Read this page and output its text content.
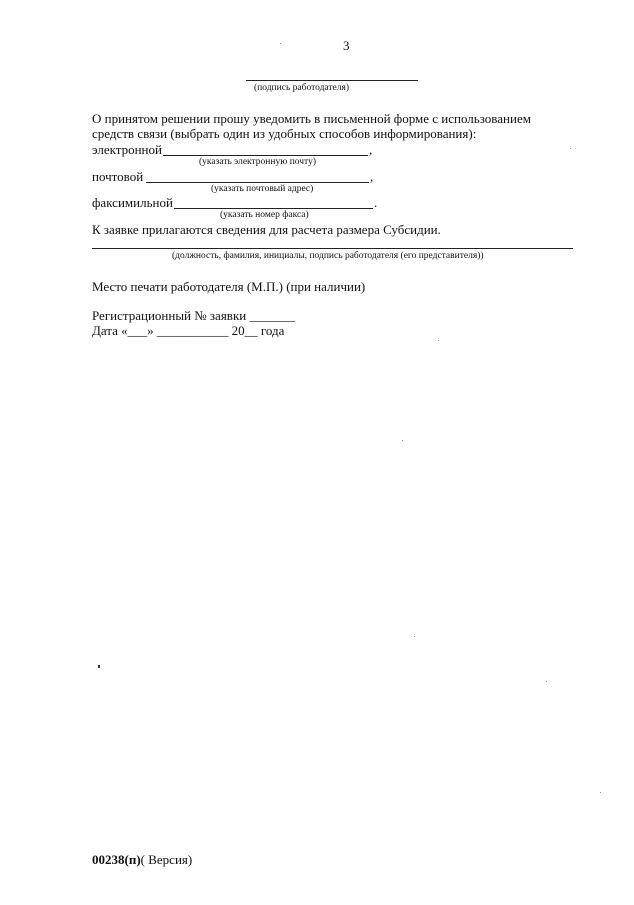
3
(подпись работодателя)
О принятом решении прошу уведомить в письменной форме с использованием
средств связи (выбрать один из удобных способов информирования):
электронной	,
(указать электронную почту)
почтовой	,
(указать почтовый адрес)
факсимильной	.
(указать номер факса)
К заявке прилагаются сведения для расчета размера Субсидии.
(должность, фамилия, инициалы, подпись работодателя (его представителя))
Место печати работодателя (М.П.) (при наличии)
Регистрационный № заявки _______
Дата «___» ___________ 20__ года
00238(п)( Версия)
